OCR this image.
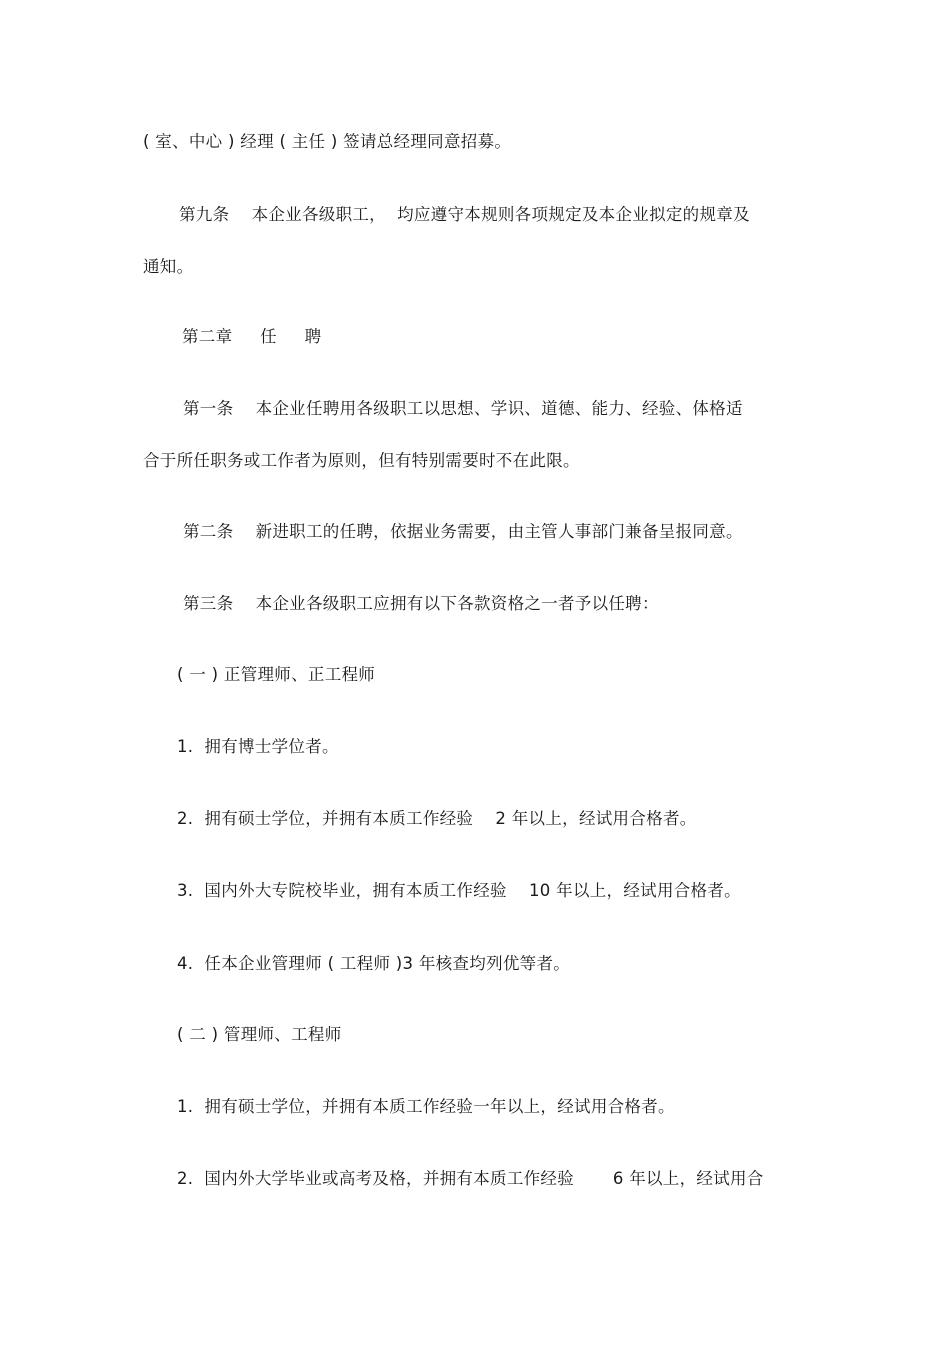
( 室、中心 ) 经理 ( 主任 ) 签请总经理同意招募。
第九条    本企业各级职工，  均应遵守本规则各项规定及本企业拟定的规章及
通知。
第二章     任     聘
第一条    本企业任聘用各级职工以思想、学识、道德、能力、经验、体格适
合于所任职务或工作者为原则，但有特别需要时不在此限。
第二条    新进职工的任聘，依据业务需要，由主管人事部门兼备呈报同意。
第三条    本企业各级职工应拥有以下各款资格之一者予以任聘：
( 一 ) 正管理师、正工程师
1.  拥有博士学位者。
2.  拥有硕士学位，并拥有本质工作经验    2 年以上，经试用合格者。
3.  国内外大专院校毕业，拥有本质工作经验    10 年以上，经试用合格者。
4.  任本企业管理师 ( 工程师 )3 年核查均列优等者。
( 二 ) 管理师、工程师
1.  拥有硕士学位，并拥有本质工作经验一年以上，经试用合格者。
2.  国内外大学毕业或高考及格，并拥有本质工作经验       6 年以上，经试用合
